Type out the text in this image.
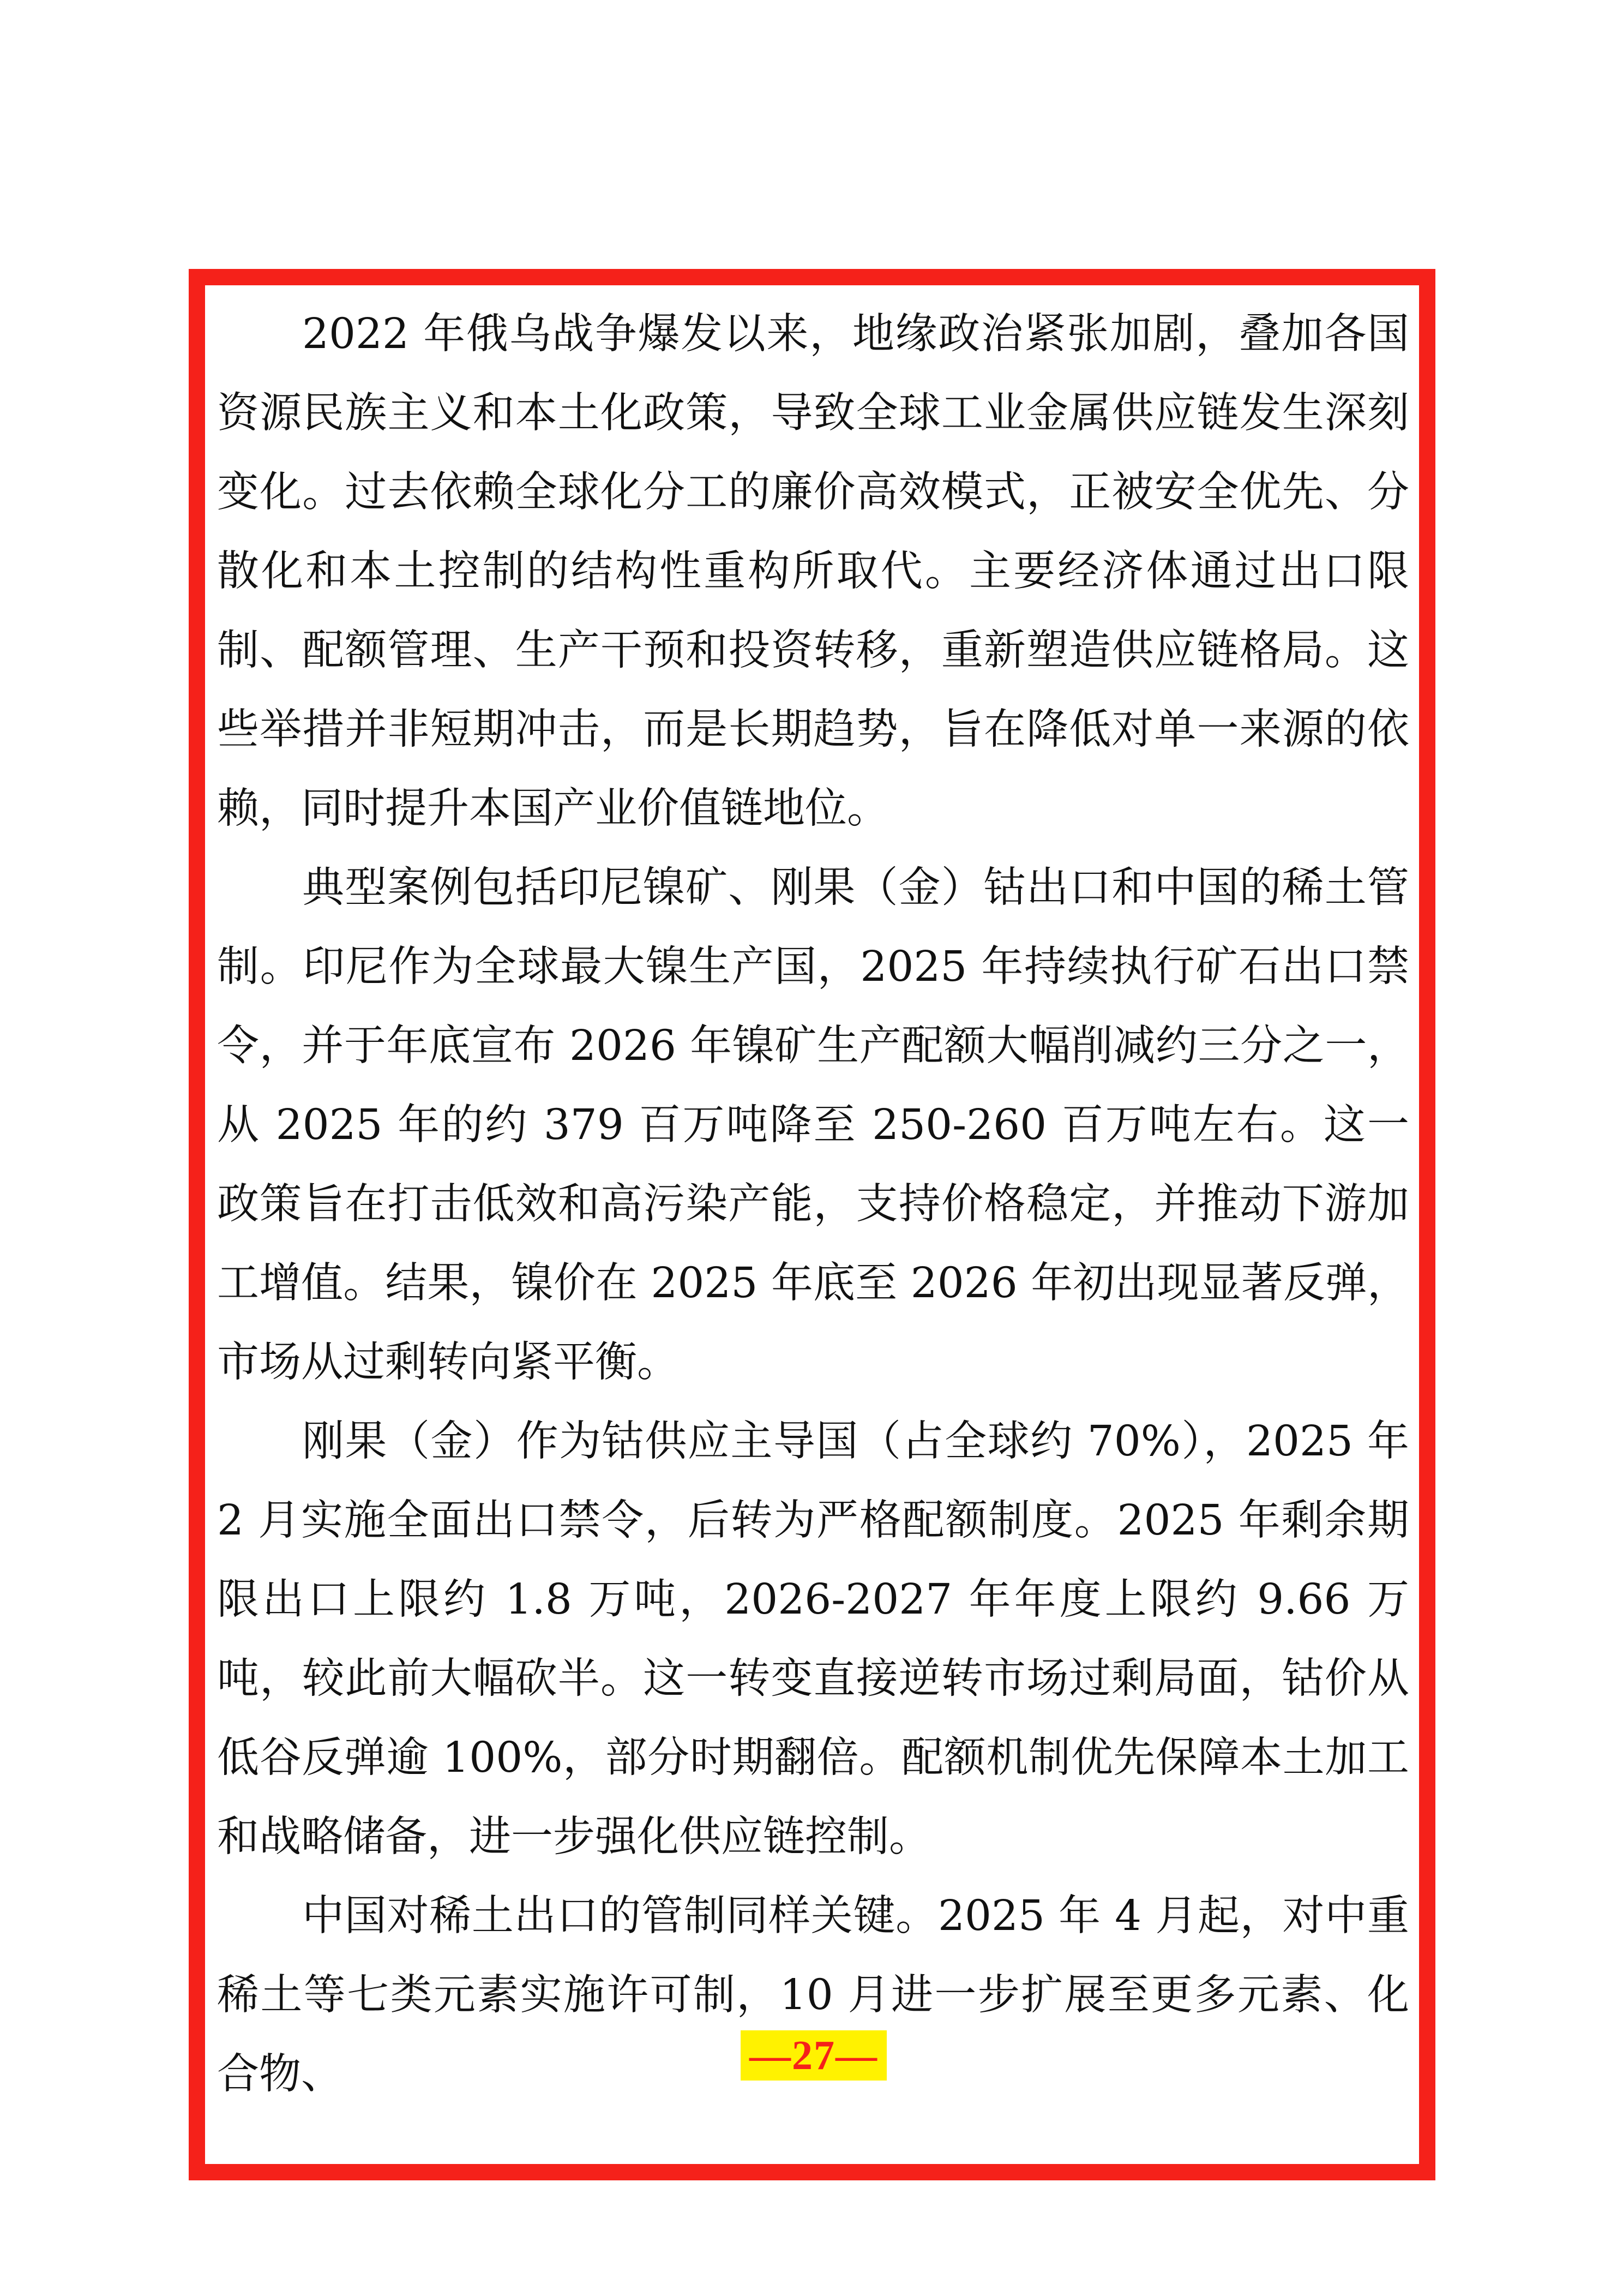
2022 年俄乌战争爆发以来，地缘政治紧张加剧，叠加各国资源民族主义和本土化政策，导致全球工业金属供应链发生深刻变化。过去依赖全球化分工的廉价高效模式，正被安全优先、分散化和本土控制的结构性重构所取代。主要经济体通过出口限制、配额管理、生产干预和投资转移，重新塑造供应链格局。这些举措并非短期冲击，而是长期趋势，旨在降低对单一来源的依赖，同时提升本国产业价值链地位。

典型案例包括印尼镍矿、刚果（金）钴出口和中国的稀土管制。印尼作为全球最大镍生产国，2025 年持续执行矿石出口禁令，并于年底宣布 2026 年镍矿生产配额大幅削减约三分之一，从 2025 年的约 379 百万吨降至 250-260 百万吨左右。这一政策旨在打击低效和高污染产能，支持价格稳定，并推动下游加工增值。结果，镍价在 2025 年底至 2026 年初出现显著反弹，市场从过剩转向紧平衡。

刚果（金）作为钴供应主导国（占全球约 70%），2025 年 2 月实施全面出口禁令，后转为严格配额制度。2025 年剩余期限出口上限约 1.8 万吨，2026-2027 年年度上限约 9.66 万吨，较此前大幅砍半。这一转变直接逆转市场过剩局面，钴价从低谷反弹逾 100%，部分时期翻倍。配额机制优先保障本土加工和战略储备，进一步强化供应链控制。

中国对稀土出口的管制同样关键。2025 年 4 月起，对中重稀土等七类元素实施许可制，10 月进一步扩展至更多元素、化合物、	—27—
